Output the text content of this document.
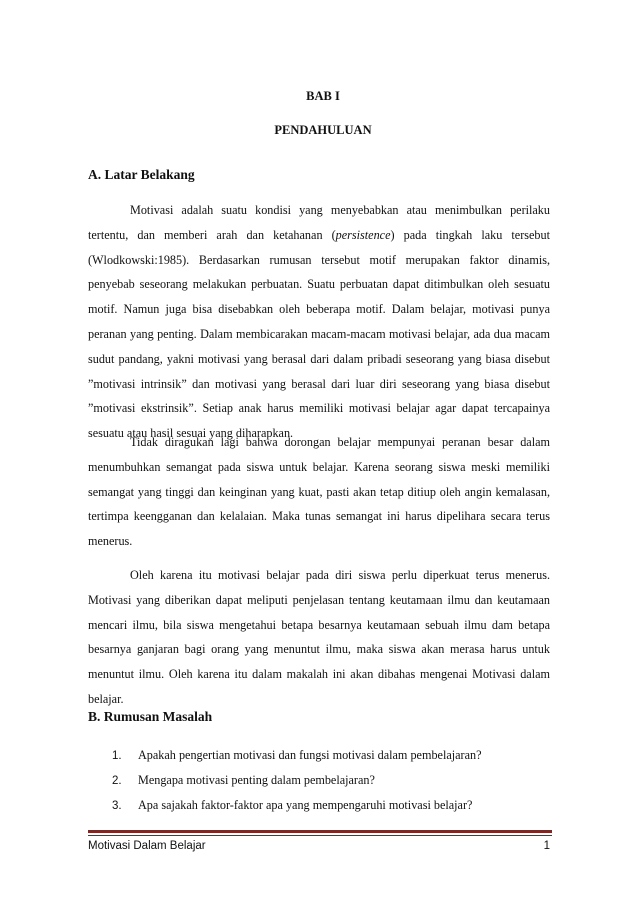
BAB I
PENDAHULUAN
A. Latar Belakang

Motivasi adalah suatu kondisi yang menyebabkan atau menimbulkan perilaku tertentu, dan memberi arah dan ketahanan (persistence) pada tingkah laku tersebut (Wlodkowski:1985). Berdasarkan rumusan tersebut motif merupakan faktor dinamis, penyebab seseorang melakukan perbuatan. Suatu perbuatan dapat ditimbulkan oleh sesuatu motif. Namun juga bisa disebabkan oleh beberapa motif. Dalam belajar, motivasi punya peranan yang penting. Dalam membicarakan macam-macam motivasi belajar, ada dua macam sudut pandang, yakni motivasi yang berasal dari dalam pribadi seseorang yang biasa disebut ”motivasi intrinsik” dan motivasi yang berasal dari luar diri seseorang yang biasa disebut ”motivasi ekstrinsik”. Setiap anak harus memiliki motivasi belajar agar dapat tercapainya sesuatu atau hasil sesuai yang diharapkan.

Tidak diragukan lagi bahwa dorongan belajar mempunyai peranan besar dalam menumbuhkan semangat pada siswa untuk belajar. Karena seorang siswa meski memiliki semangat yang tinggi dan keinginan yang kuat, pasti akan tetap ditiup oleh angin kemalasan, tertimpa keengganan dan kelalaian. Maka tunas semangat ini harus dipelihara secara terus menerus.

Oleh karena itu motivasi belajar pada diri siswa perlu diperkuat terus menerus. Motivasi yang diberikan dapat meliputi penjelasan tentang keutamaan ilmu dan keutamaan mencari ilmu, bila siswa mengetahui betapa besarnya keutamaan sebuah ilmu dam betapa besarnya ganjaran bagi orang yang menuntut ilmu, maka siswa akan merasa harus untuk menuntut ilmu. Oleh karena itu dalam makalah ini akan dibahas mengenai Motivasi dalam belajar.

B. Rumusan Masalah
1. Apakah pengertian motivasi dan fungsi motivasi dalam pembelajaran?
2. Mengapa motivasi penting dalam pembelajaran?
3. Apa sajakah faktor-faktor apa yang mempengaruhi motivasi belajar?
Motivasi Dalam Belajar	1
